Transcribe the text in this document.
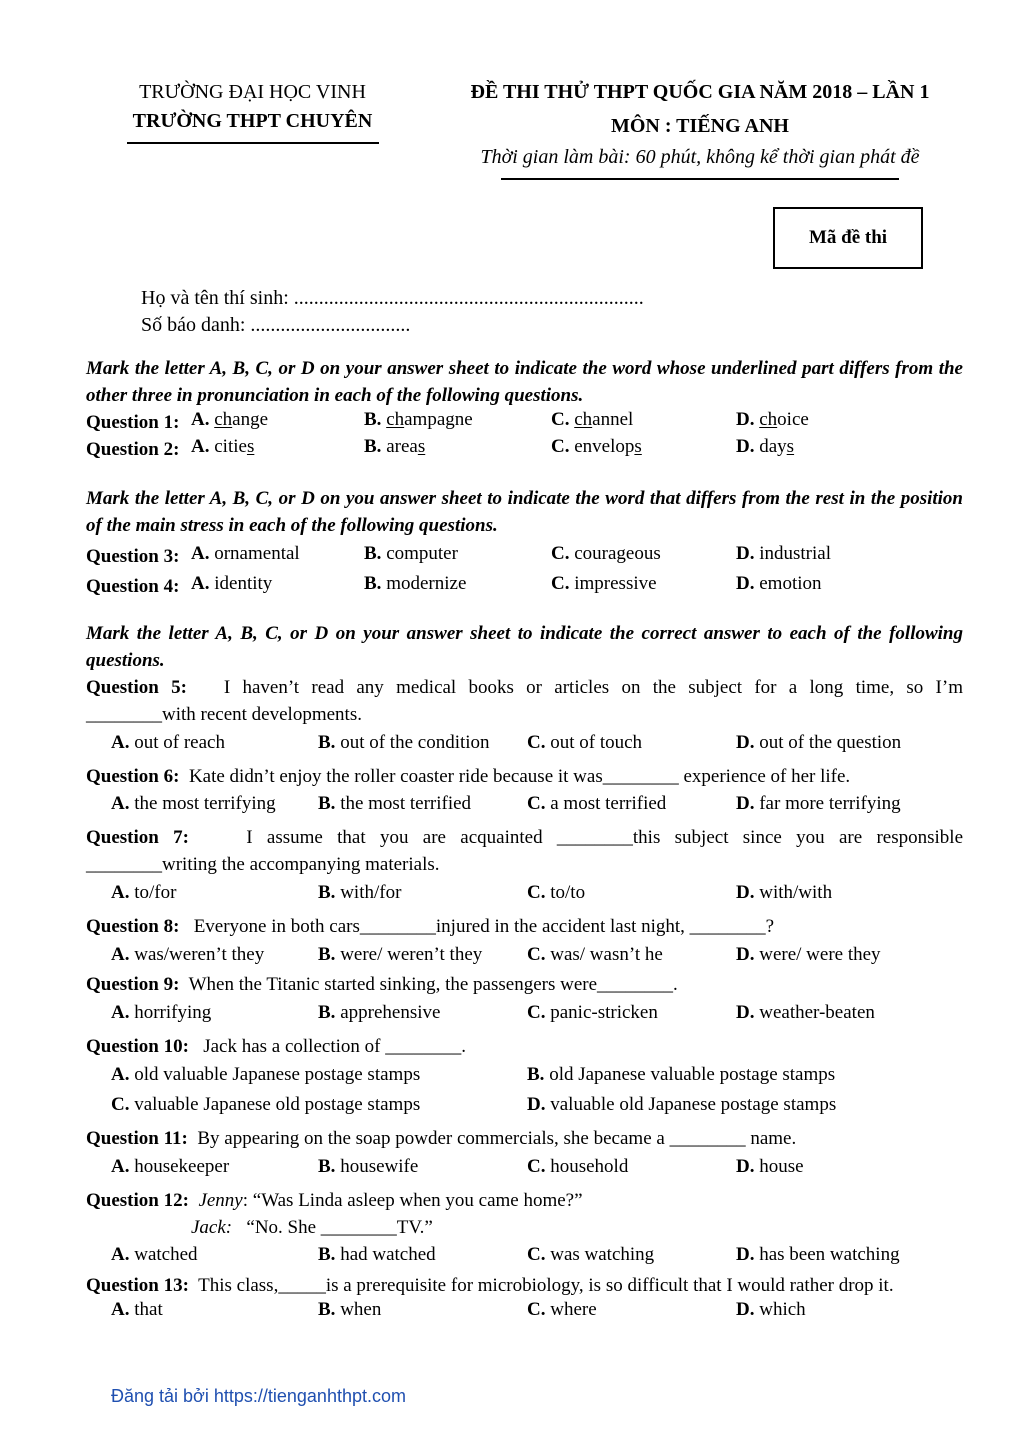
TRƯỜNG ĐẠI HỌC VINH
TRƯỜNG THPT CHUYÊN
ĐỀ THI THỬ THPT QUỐC GIA NĂM 2018 – LẦN 1
MÔN : TIẾNG ANH
Thời gian làm bài: 60 phút, không kể thời gian phát đề
Mã đề thi
Họ và tên thí sinh: ......................................................................
Số báo danh: ................................
Mark the letter A, B, C, or D on your answer sheet to indicate the word whose underlined part differs from the other three in pronunciation in each of the following questions.
Question 1: A. change	B. champagne	C. channel	D. choice
Question 2: A. cities	B. areas	C. envelops	D. days
Mark the letter A, B, C, or D on you answer sheet to indicate the word that differs from the rest in the position of the main stress in each of the following questions.
Question 3: A. ornamental	B. computer	C. courageous	D. industrial
Question 4: A. identity	B. modernize	C. impressive	D. emotion
Mark the letter A, B, C, or D on your answer sheet to indicate the correct answer to each of the following questions.
Question 5: I haven’t read any medical books or articles on the subject for a long time, so I’m
________with recent developments.
A. out of reach	B. out of the condition C. out of touch	D. out of the question
Question 6: Kate didn’t enjoy the roller coaster ride because it was________ experience of her life.
A. the most terrifying B. the most terrified	C. a most terrified	D. far more terrifying
Question 7:	I assume that you are acquainted ________this subject since you are responsible
________writing the accompanying materials.
A. to/for	B. with/for	C. to/to	D. with/with
Question 8: Everyone in both cars________injured in the accident last night, ________?
A. was/weren’t they	B. were/ weren’t they C. was/ wasn’t he	D. were/ were they
Question 9: When the Titanic started sinking, the passengers were________.
A. horrifying	B. apprehensive	C. panic-stricken	D. weather-beaten
Question 10: Jack has a collection of ________.
A. old valuable Japanese postage stamps	B. old Japanese valuable postage stamps
C. valuable Japanese old postage stamps	D. valuable old Japanese postage stamps
Question 11: By appearing on the soap powder commercials, she became a ________ name.
A. housekeeper	B. housewife	C. household	D. house
Question 12: Jenny: “Was Linda asleep when you came home?”
Jack: “No. She ________TV.”
A. watched	B. had watched	C. was watching	D. has been watching
Question 13: This class,_____is a prerequisite for microbiology, is so difficult that I would rather drop it.
A. that	B. when	C. where	D. which
Đăng tải bởi https://tienganhthpt.com
